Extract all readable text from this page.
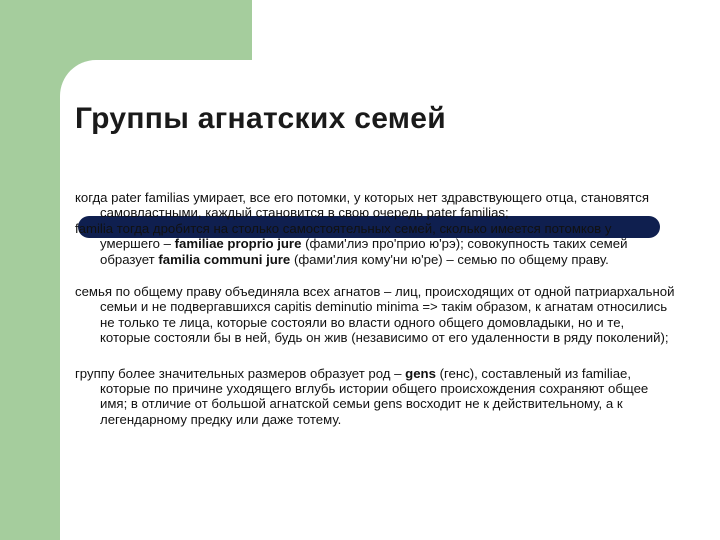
Группы агнатских семей

когда pater familias умирает, все его потомки, у которых нет здравствующего отца, становятся самовластными, каждый становится в свою очередь pater familias;

familia тогда дробится на столько самостоятельных семей, сколько имеется потомков у умершего – familiae proprio jure (фами'лиэ про'прио ю'рэ); совокупность таких семей образует familia communi jure (фами'лия кому'ни ю'ре) – семью по общему праву.

семья по общему праву объединяла всех агнатов – лиц, происходящих от одной патриархальной семьи и не подвергавшихся capitis deminutio minima => такім образом, к агнатам относились не только те лица, которые состояли во власти одного общего домовладыки, но и те, которые состояли бы в ней, будь он жив (независимо от его удаленности в ряду поколений);

группу более значительных размеров образует род – gens (генс), составленый из familiae, которые по причине уходящего вглубь истории общего происхождения сохраняют общее имя; в отличие от большой агнатской семьи gens восходит не к действительному, а к легендарному предку или даже тотему.
